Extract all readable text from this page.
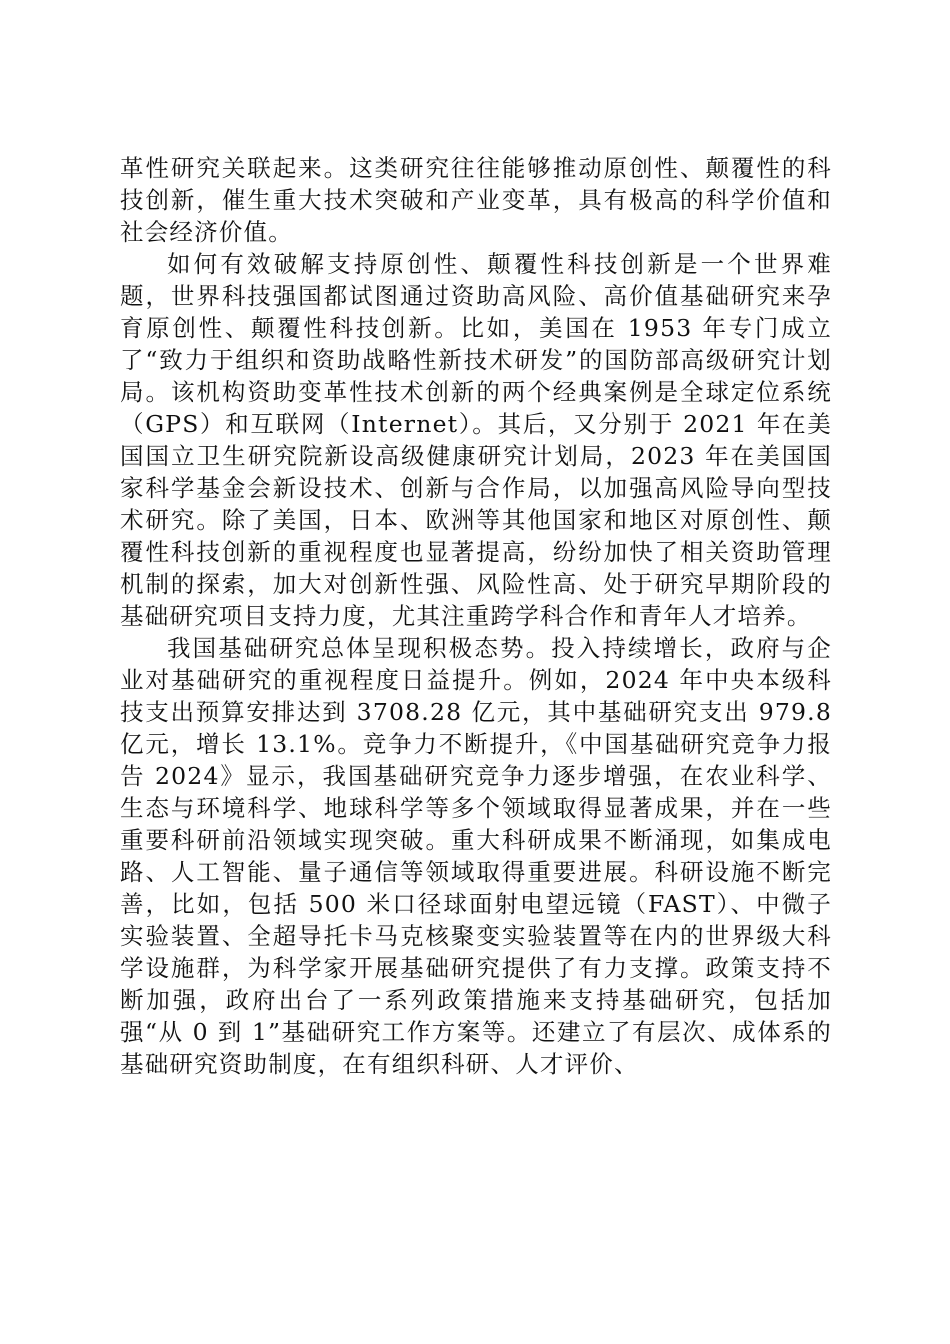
革性研究关联起来。这类研究往往能够推动原创性、颠覆性的科技创新，催生重大技术突破和产业变革，具有极高的科学价值和社会经济价值。

如何有效破解支持原创性、颠覆性科技创新是一个世界难题，世界科技强国都试图通过资助高风险、高价值基础研究来孕育原创性、颠覆性科技创新。比如，美国在 1953 年专门成立了“致力于组织和资助战略性新技术研发”的国防部高级研究计划局。该机构资助变革性技术创新的两个经典案例是全球定位系统（GPS）和互联网（Internet）。其后，又分别于 2021 年在美国国立卫生研究院新设高级健康研究计划局，2023 年在美国国家科学基金会新设技术、创新与合作局，以加强高风险导向型技术研究。除了美国，日本、欧洲等其他国家和地区对原创性、颠覆性科技创新的重视程度也显著提高，纷纷加快了相关资助管理机制的探索，加大对创新性强、风险性高、处于研究早期阶段的基础研究项目支持力度，尤其注重跨学科合作和青年人才培养。

我国基础研究总体呈现积极态势。投入持续增长，政府与企业对基础研究的重视程度日益提升。例如，2024 年中央本级科技支出预算安排达到 3708.28 亿元，其中基础研究支出 979.8 亿元，增长 13.1%。竞争力不断提升，《中国基础研究竞争力报告 2024》显示，我国基础研究竞争力逐步增强，在农业科学、生态与环境科学、地球科学等多个领域取得显著成果，并在一些重要科研前沿领域实现突破。重大科研成果不断涌现，如集成电路、人工智能、量子通信等领域取得重要进展。科研设施不断完善，比如，包括 500 米口径球面射电望远镜（FAST）、中微子实验装置、全超导托卡马克核聚变实验装置等在内的世界级大科学设施群，为科学家开展基础研究提供了有力支撑。政策支持不断加强，政府出台了一系列政策措施来支持基础研究，包括加强“从 0 到 1”基础研究工作方案等。还建立了有层次、成体系的基础研究资助制度，在有组织科研、人才评价、
